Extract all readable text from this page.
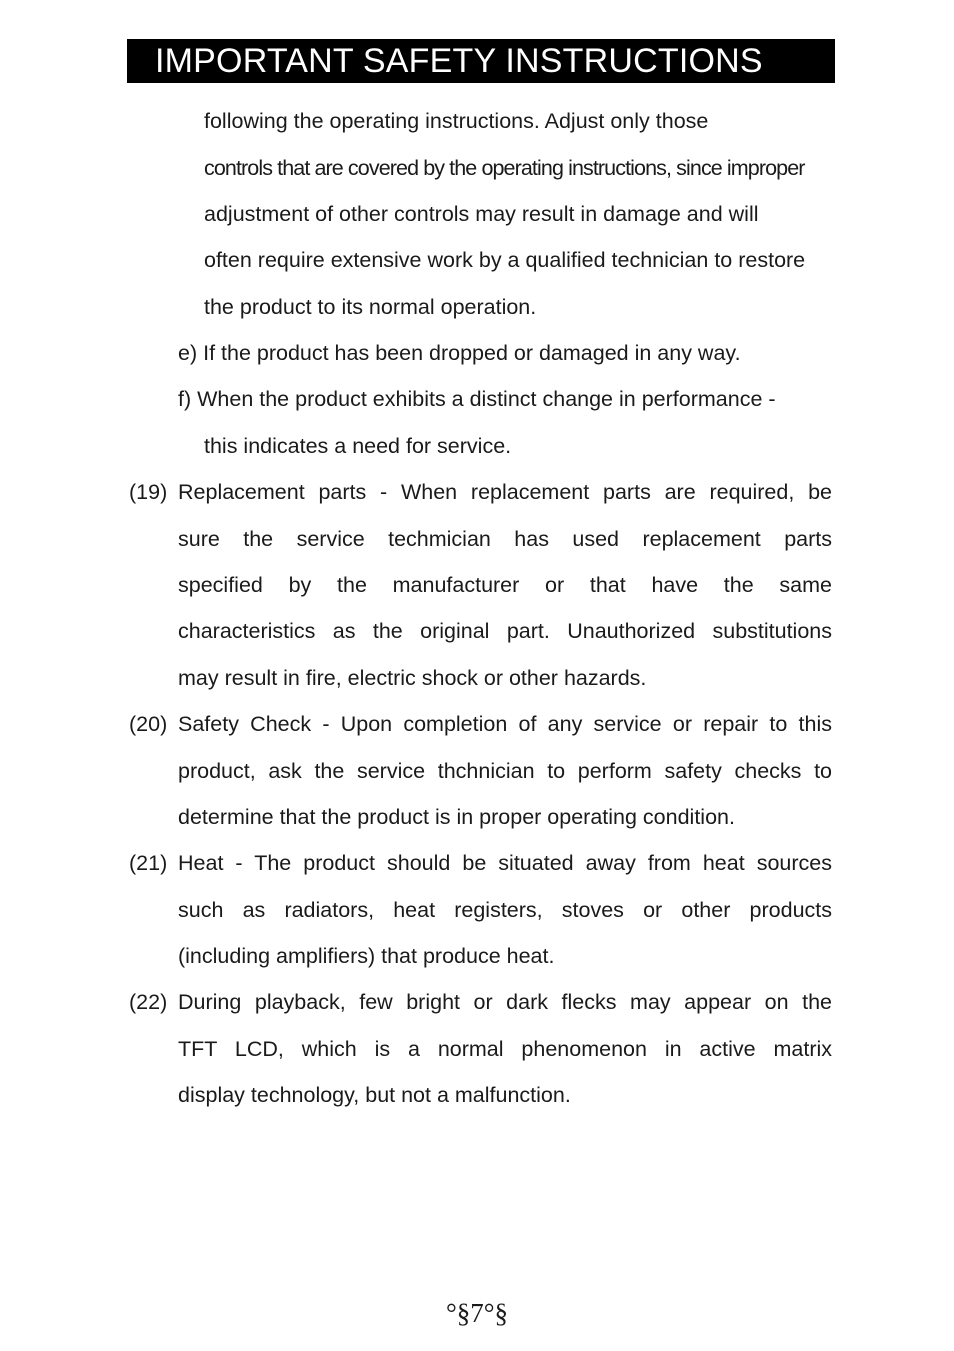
IMPORTANT SAFETY INSTRUCTIONS
following the operating instructions. Adjust only those
controls that are covered by the operating instructions, since improper
adjustment of other controls may result in damage and will
often require extensive work by a qualified technician to restore
the product to its normal operation.
e) If the product has been dropped or damaged in any way.
f) When the product exhibits a distinct change in performance -
this indicates a need for service.
(19) Replacement parts - When replacement parts are required, be
sure the service techmician has used replacement parts
specified by the manufacturer or that have the same
characteristics as the original part. Unauthorized substitutions
may result in fire, electric shock or other hazards.
(20) Safety Check - Upon completion of any service or repair to this
product, ask the service thchnician to perform safety checks to
determine that the product is in proper operating condition.
(21) Heat - The product should be situated away from heat sources
such as radiators, heat registers, stoves or other products
(including amplifiers) that produce heat.
(22) During playback, few bright or dark flecks may appear on the
TFT LCD, which is a normal phenomenon in active matrix
display technology, but not a malfunction.
°§7°§
